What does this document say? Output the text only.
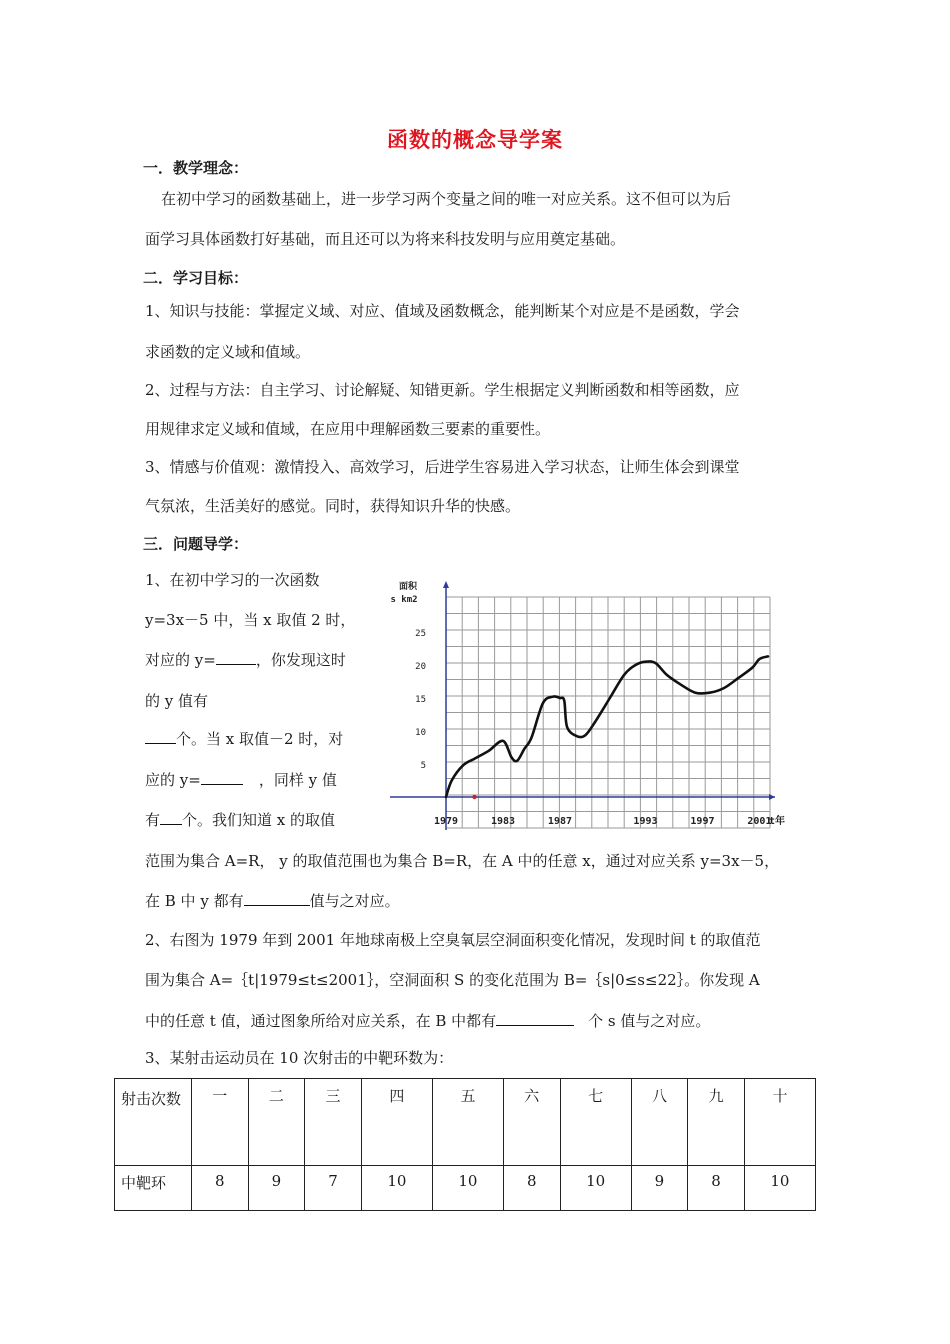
函数的概念导学案
一．教学理念：
在初中学习的函数基础上，进一步学习两个变量之间的唯一对应关系。这不但可以为后
面学习具体函数打好基础，而且还可以为将来科技发明与应用奠定基础。
二．学习目标：
1、知识与技能：掌握定义域、对应、值域及函数概念，能判断某个对应是不是函数，学会
求函数的定义域和值域。
2、过程与方法：自主学习、讨论解疑、知错更新。学生根据定义判断函数和相等函数，应
用规律求定义域和值域，在应用中理解函数三要素的重要性。
3、情感与价值观：激情投入、高效学习，后进学生容易进入学习状态，让师生体会到课堂
气氛浓，生活美好的感觉。同时，获得知识升华的快感。
三．问题导学：
1、在初中学习的一次函数
y=3x－5 中，当 x 取值 2 时，
对应的 y=	，你发现这时
的 y 值有
个。当 x 取值－2 时，对
应的 y=	，同样 y 值
有 个。我们知道 x 的取值
范围为集合 A=R， y 的取值范围也为集合 B=R，在 A 中的任意 x，通过对应关系 y=3x－5，
在 B 中 y 都有	值与之对应。
2、右图为 1979 年到 2001 年地球南极上空臭氧层空洞面积变化情况，发现时间 t 的取值范
围为集合 A=｛t|1979≤t≤2001｝，空洞面积 S 的变化范围为 B=｛s|0≤s≤22｝。你发现 A
中的任意 t 值，通过图象所给对应关系，在 B 中都有	个 s 值与之对应。
3、某射击运动员在 10 次射击的中靶环数为：
25
20
15
10
5
1979	1983	1987	1993	1997	2001
t年
面积
s km2
射击次数	一	二	三	四	五	六	七	八	九	十
中靶环	8	9	7	10	10	8	10	9	8	10
